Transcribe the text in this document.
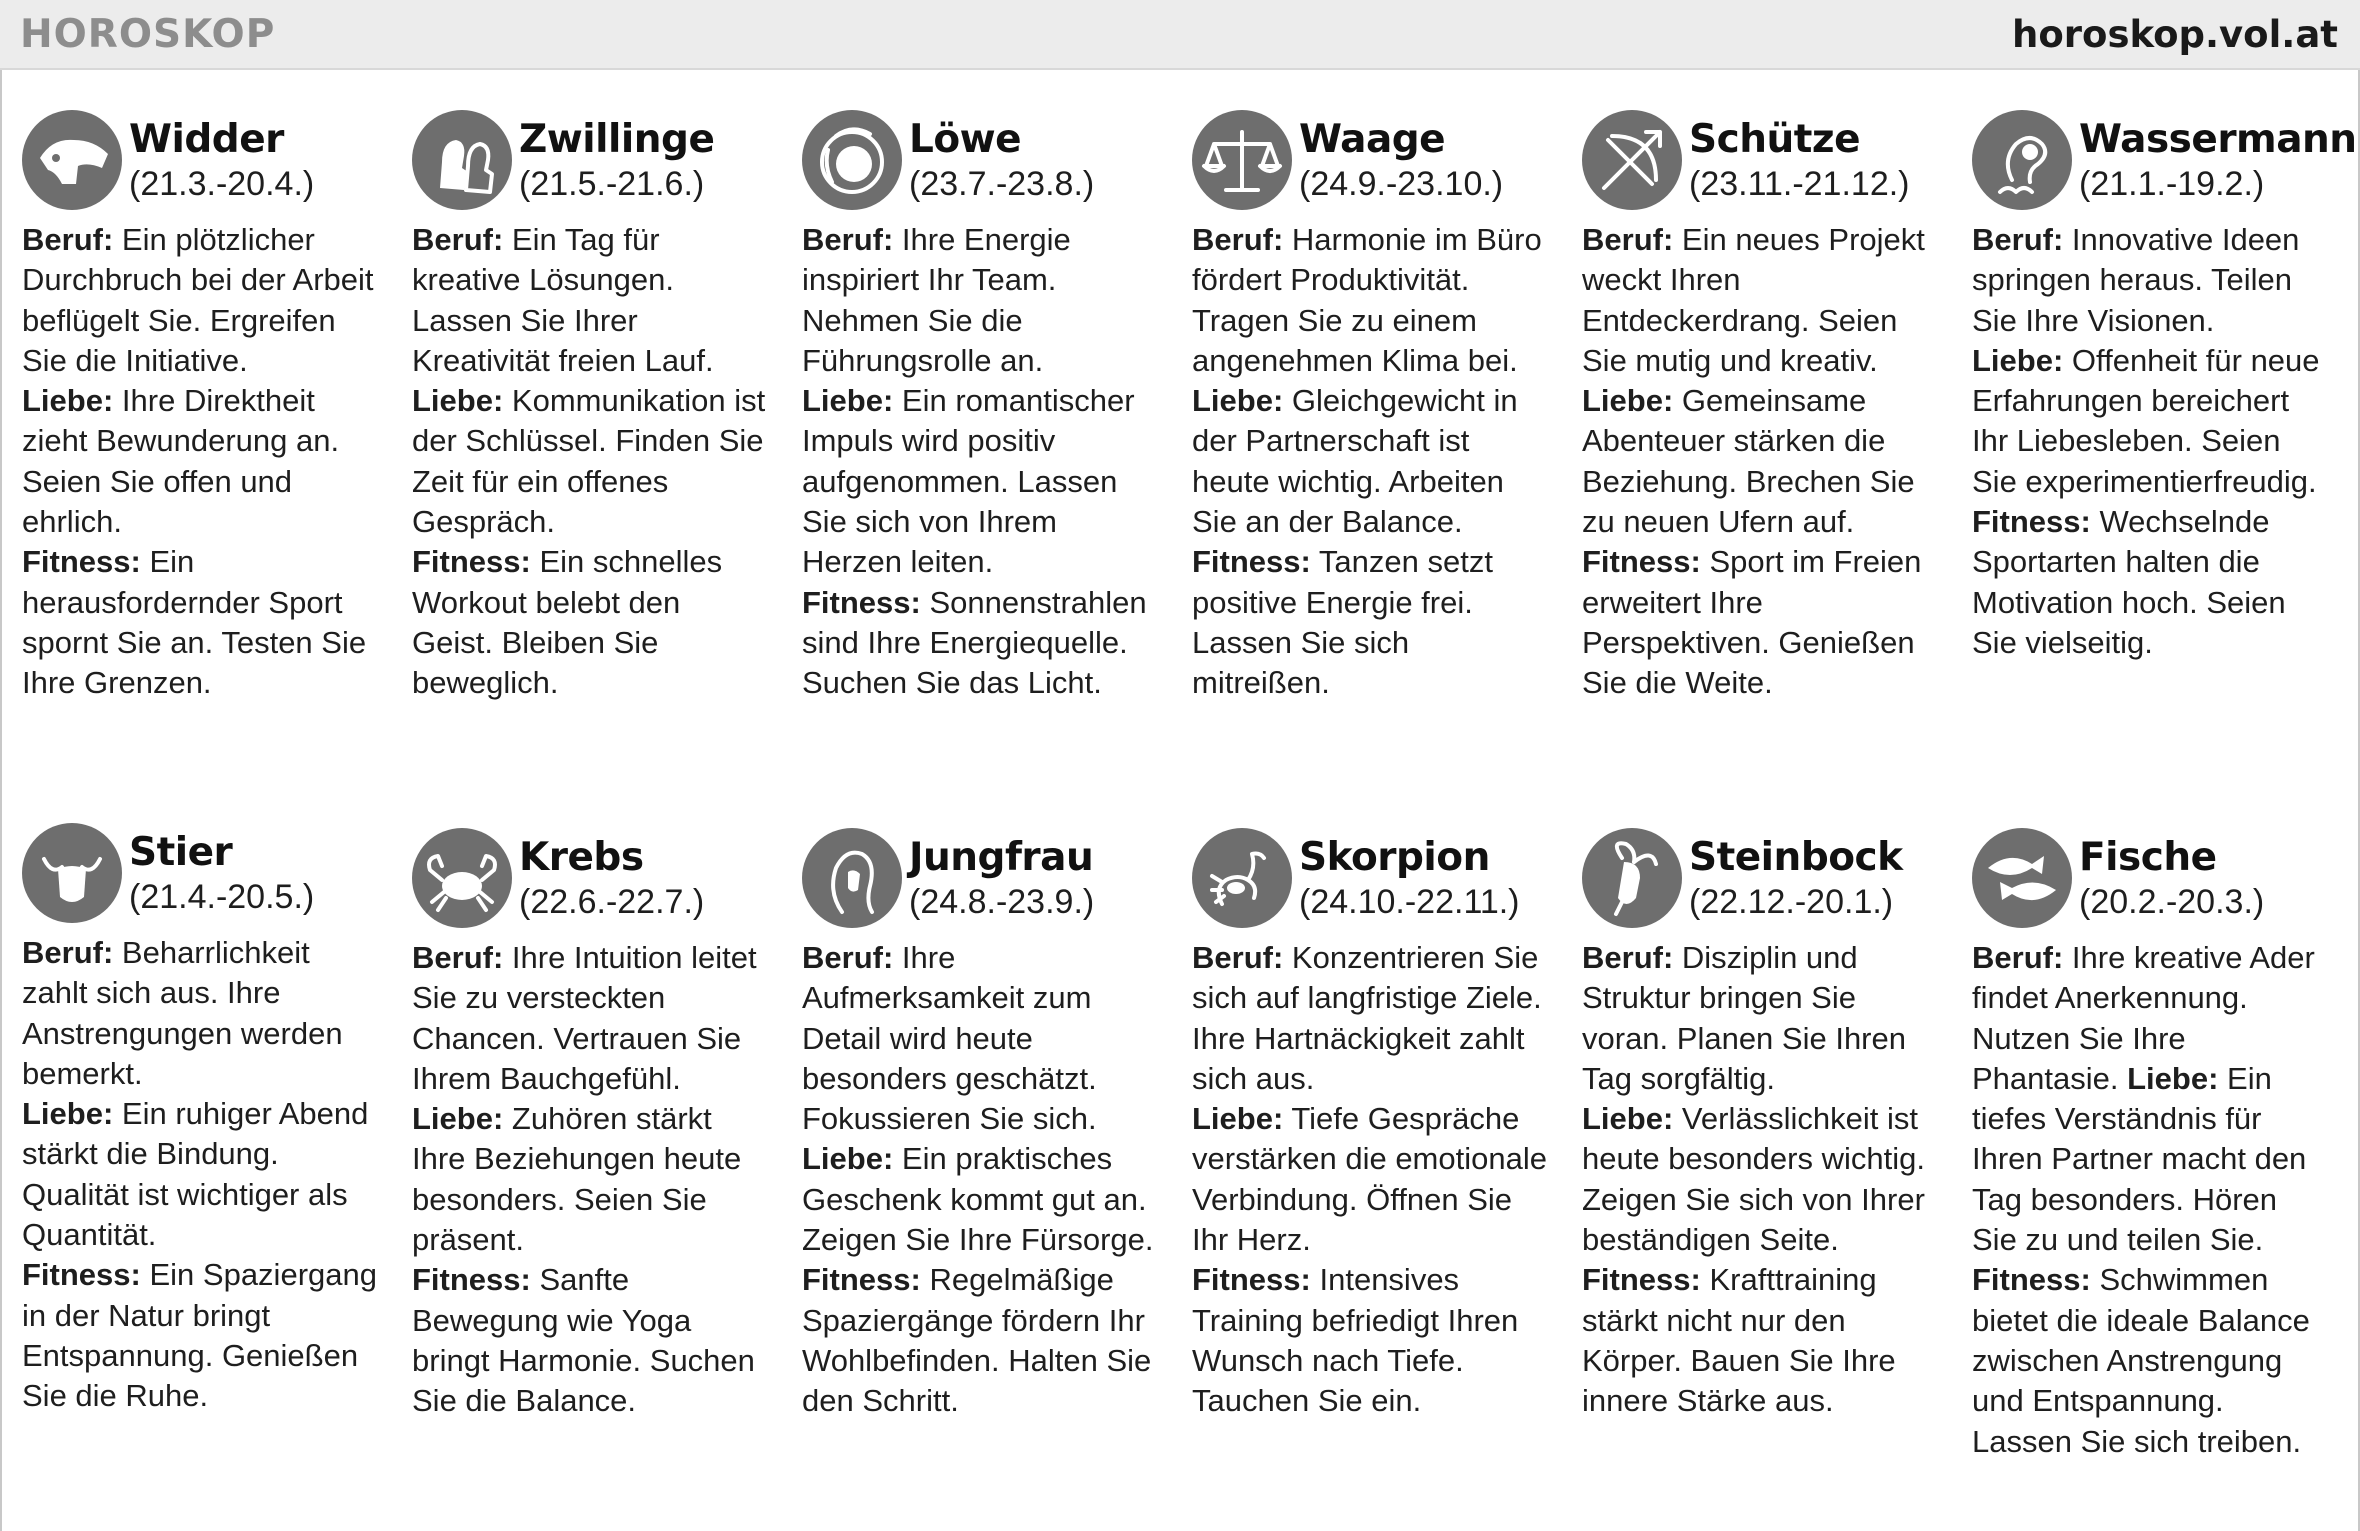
HOROSKOP	horoskop.vol.at
Widder
(21.3.-20.4.)
Beruf: Ein plötzlicher Durchbruch bei der Arbeit beflügelt Sie. Ergreifen Sie die Initiative.
Liebe: Ihre Direktheit zieht Bewunderung an. Seien Sie offen und ehrlich.
Fitness: Ein herausfordernder Sport spornt Sie an. Testen Sie Ihre Grenzen.
Zwillinge
(21.5.-21.6.)
Beruf: Ein Tag für kreative Lösungen. Lassen Sie Ihrer Kreativität freien Lauf.
Liebe: Kommunikation ist der Schlüssel. Finden Sie Zeit für ein offenes Gespräch.
Fitness: Ein schnelles Workout belebt den Geist. Bleiben Sie beweglich.
Löwe
(23.7.-23.8.)
Beruf: Ihre Energie inspiriert Ihr Team. Nehmen Sie die Führungsrolle an.
Liebe: Ein romantischer Impuls wird positiv aufgenommen. Lassen Sie sich von Ihrem Herzen leiten.
Fitness: Sonnenstrahlen sind Ihre Energiequelle. Suchen Sie das Licht.
Waage
(24.9.-23.10.)
Beruf: Harmonie im Büro fördert Produktivität. Tragen Sie zu einem angenehmen Klima bei.
Liebe: Gleichgewicht in der Partnerschaft ist heute wichtig. Arbeiten Sie an der Balance.
Fitness: Tanzen setzt positive Energie frei. Lassen Sie sich mitreißen.
Schütze
(23.11.-21.12.)
Beruf: Ein neues Projekt weckt Ihren Entdeckerdrang. Seien Sie mutig und kreativ.
Liebe: Gemeinsame Abenteuer stärken die Beziehung. Brechen Sie zu neuen Ufern auf.
Fitness: Sport im Freien erweitert Ihre Perspektiven. Genießen Sie die Weite.
Wassermann
(21.1.-19.2.)
Beruf: Innovative Ideen springen heraus. Teilen Sie Ihre Visionen.
Liebe: Offenheit für neue Erfahrungen bereichert Ihr Liebesleben. Seien Sie experimentierfreudig.
Fitness: Wechselnde Sportarten halten die Motivation hoch. Seien Sie vielseitig.
Stier
(21.4.-20.5.)
Beruf: Beharrlichkeit zahlt sich aus. Ihre Anstrengungen werden bemerkt.
Liebe: Ein ruhiger Abend stärkt die Bindung. Qualität ist wichtiger als Quantität.
Fitness: Ein Spaziergang in der Natur bringt Entspannung. Genießen Sie die Ruhe.
Krebs
(22.6.-22.7.)
Beruf: Ihre Intuition leitet Sie zu versteckten Chancen. Vertrauen Sie Ihrem Bauchgefühl.
Liebe: Zuhören stärkt Ihre Beziehungen heute besonders. Seien Sie präsent.
Fitness: Sanfte Bewegung wie Yoga bringt Harmonie. Suchen Sie die Balance.
Jungfrau
(24.8.-23.9.)
Beruf: Ihre Aufmerksamkeit zum Detail wird heute besonders geschätzt. Fokussieren Sie sich.
Liebe: Ein praktisches Geschenk kommt gut an. Zeigen Sie Ihre Fürsorge.
Fitness: Regelmäßige Spaziergänge fördern Ihr Wohlbefinden. Halten Sie den Schritt.
Skorpion
(24.10.-22.11.)
Beruf: Konzentrieren Sie sich auf langfristige Ziele. Ihre Hartnäckigkeit zahlt sich aus.
Liebe: Tiefe Gespräche verstärken die emotionale Verbindung. Öffnen Sie Ihr Herz.
Fitness: Intensives Training befriedigt Ihren Wunsch nach Tiefe. Tauchen Sie ein.
Steinbock
(22.12.-20.1.)
Beruf: Disziplin und Struktur bringen Sie voran. Planen Sie Ihren Tag sorgfältig.
Liebe: Verlässlichkeit ist heute besonders wichtig. Zeigen Sie sich von Ihrer beständigen Seite.
Fitness: Krafttraining stärkt nicht nur den Körper. Bauen Sie Ihre innere Stärke aus.
Fische
(20.2.-20.3.)
Beruf: Ihre kreative Ader findet Anerkennung. Nutzen Sie Ihre Phantasie. Liebe: Ein tiefes Verständnis für Ihren Partner macht den Tag besonders. Hören Sie zu und teilen Sie.
Fitness: Schwimmen bietet die ideale Balance zwischen Anstrengung und Entspannung. Lassen Sie sich treiben.
